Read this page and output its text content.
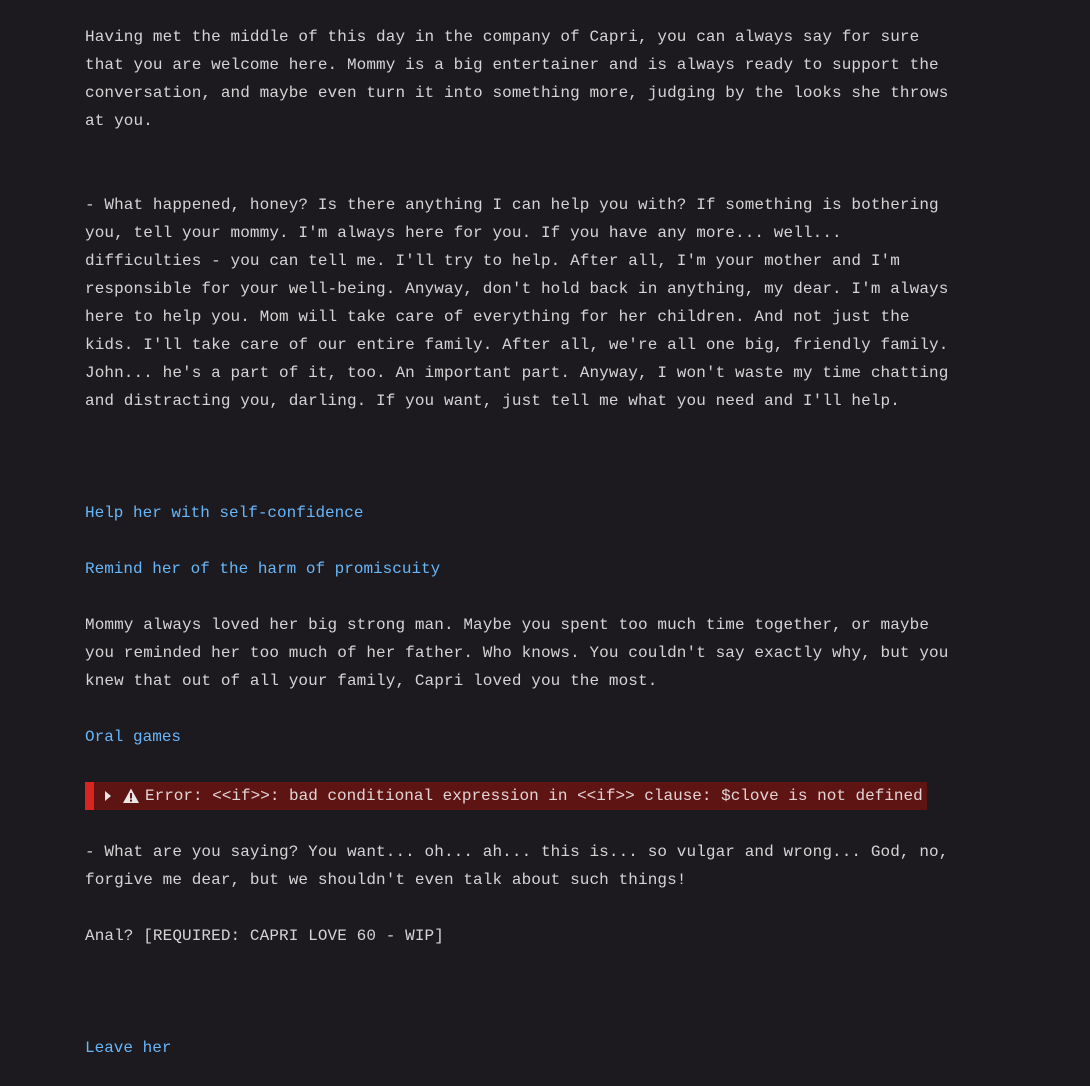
Having met the middle of this day in the company of Capri, you can always say for sure that you are welcome here. Mommy is a big entertainer and is always ready to support the conversation, and maybe even turn it into something more, judging by the looks she throws at you.

- What happened, honey? Is there anything I can help you with? If something is bothering you, tell your mommy. I'm always here for you. If you have any more... well... difficulties - you can tell me. I'll try to help. After all, I'm your mother and I'm responsible for your well-being. Anyway, don't hold back in anything, my dear. I'm always here to help you. Mom will take care of everything for her children. And not just the kids. I'll take care of our entire family. After all, we're all one big, friendly family. John... he's a part of it, too. An important part. Anyway, I won't waste my time chatting and distracting you, darling. If you want, just tell me what you need and I'll help.

Help her with self-confidence
Remind her of the harm of promiscuity

Mommy always loved her big strong man. Maybe you spent too much time together, or maybe you reminded her too much of her father. Who knows. You couldn't say exactly why, but you knew that out of all your family, Capri loved you the most.

Oral games
Error: <<if>>: bad conditional expression in <<if>> clause: $clove is not defined

- What are you saying? You want... oh... ah... this is... so vulgar and wrong... God, no, forgive me dear, but we shouldn't even talk about such things!

Anal? [REQUIRED: CAPRI LOVE 60 - WIP]

Leave her
